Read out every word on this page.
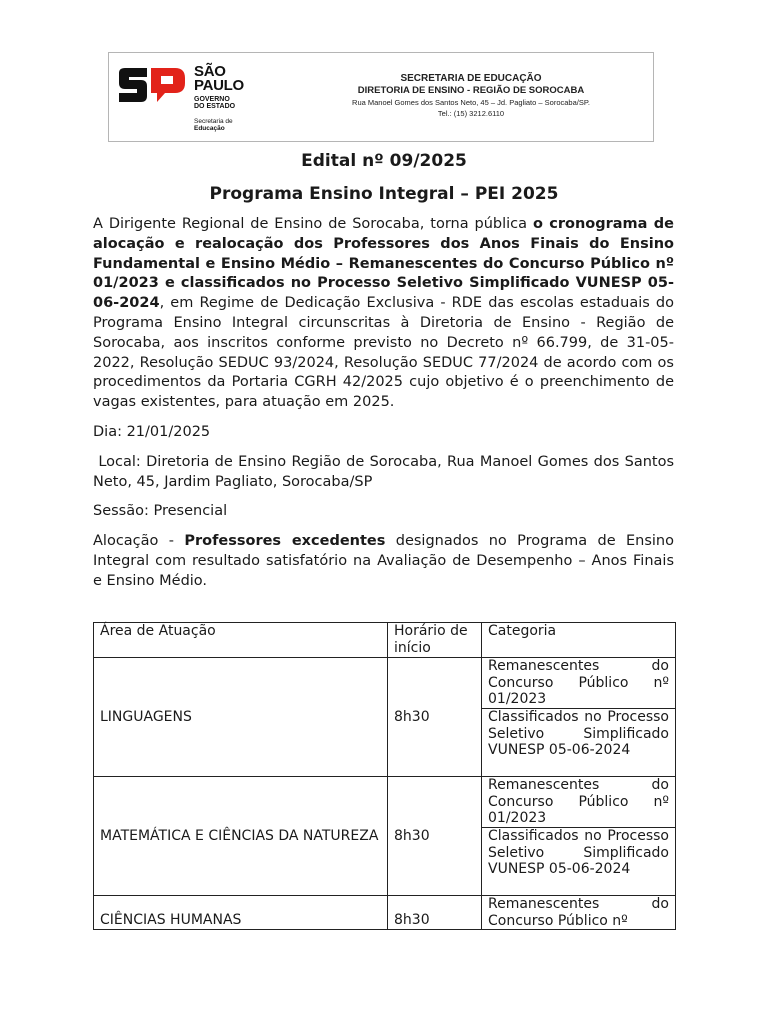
SÃO
PAULO
GOVERNO
DO ESTADO
Secretaria de
Educação
SECRETARIA DE EDUCAÇÃO
DIRETORIA DE ENSINO - REGIÃO DE SOROCABA
Rua Manoel Gomes dos Santos Neto, 45 – Jd. Pagliato – Sorocaba/SP.
Tel.: (15) 3212.6110
Edital nº 09/2025
Programa Ensino Integral – PEI 2025

A Dirigente Regional de Ensino de Sorocaba, torna pública o cronograma de alocação e realocação dos Professores dos Anos Finais do Ensino Fundamental e Ensino Médio – Remanescentes do Concurso Público nº 01/2023 e classificados no Processo Seletivo Simplificado VUNESP 05-06-2024, em Regime de Dedicação Exclusiva - RDE das escolas estaduais do Programa Ensino Integral circunscritas à Diretoria de Ensino - Região de Sorocaba, aos inscritos conforme previsto no Decreto nº 66.799, de 31-05-2022, Resolução SEDUC 93/2024, Resolução SEDUC 77/2024 de acordo com os procedimentos da Portaria CGRH 42/2025 cujo objetivo é o preenchimento de vagas existentes, para atuação em 2025.

Dia: 21/01/2025

Local: Diretoria de Ensino Região de Sorocaba, Rua Manoel Gomes dos Santos Neto, 45, Jardim Pagliato, Sorocaba/SP

Sessão: Presencial

Alocação - Professores excedentes designados no Programa de Ensino Integral com resultado satisfatório na Avaliação de Desempenho – Anos Finais e Ensino Médio.

Área de Atuação	Horário de início	Categoria
LINGUAGENS	8h30	Remanescentes do Concurso Público nº 01/2023
		Classificados no Processo Seletivo Simplificado VUNESP 05-06-2024
MATEMÁTICA E CIÊNCIAS DA NATUREZA	8h30	Remanescentes do Concurso Público nº 01/2023
		Classificados no Processo Seletivo Simplificado VUNESP 05-06-2024
CIÊNCIAS HUMANAS	8h30	Remanescentes do Concurso Público nº
